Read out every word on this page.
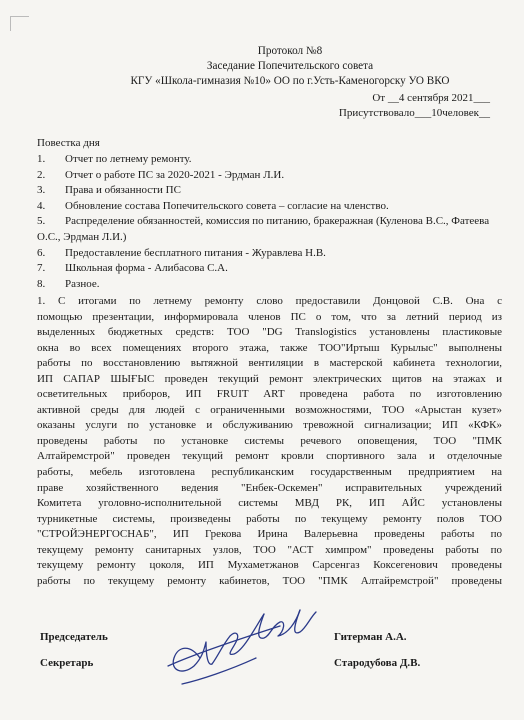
Протокол №8
Заседание Попечительского совета
КГУ «Школа-гимназия №10» ОО по г.Усть-Каменогорску УО ВКО
От __4 сентября 2021___
Присутствовало___10человек__
Повестка дня
1. Отчет по летнему ремонту.
2. Отчет о работе ПС за 2020-2021 - Эрдман Л.И.
3. Права и обязанности ПС
4. Обновление состава Попечительского совета – согласие на членство.
5. Распределение обязанностей, комиссия по питанию, бракеражная (Куленова В.С., Фатеева О.С., Эрдман Л.И.)
6. Предоставление бесплатного питания - Журавлева Н.В.
7. Школьная форма - Алибасова С.А.
8. Разное.
1. С итогами по летнему ремонту слово предоставили Донцовой С.В. Она с
помощью презентации, информировала членов ПС о том, что за летний период из
выделенных бюджетных средств: ТОО "DG Translogistics установлены пластиковые
окна во всех помещениях второго этажа, также ТОО"Иртыш Курылыс" выполнены
работы по восстановлению вытяжной вентиляции в мастерской кабинета технологии,
ИП САПАР ШЫҒЫС проведен текущий ремонт электрических щитов на этажах и
осветительных приборов, ИП FRUIT ART проведена работа по изготовлению
активной среды для людей с ограниченными возможностями, ТОО «Арыстан кузет»
оказаны услуги по установке и обслуживанию тревожной сигнализации; ИП «КФК»
проведены работы по установке системы речевого оповещения, ТОО "ПМК
Алтайремстрой" проведен текущий ремонт кровли спортивного зала и отделочные
работы, мебель изготовлена республиканским государственным предприятием на
праве хозяйственного ведения "Енбек-Оскемен" исправительных учреждений
Комитета уголовно-исполнительной системы МВД РК, ИП АЙС установлены
турникетные системы, произведены работы по текущему ремонту полов ТОО
"СТРОЙЭНЕРГОСНАБ", ИП Грекова Ирина Валерьевна проведены работы по
текущему ремонту санитарных узлов, ТОО "АСТ химпром" проведены работы по
текущему ремонту цоколя, ИП Мухаметжанов Сарсенгаз Коксегенович проведены
работы по текущему ремонту кабинетов, ТОО "ПМК Алтайремстрой" проведены
Председатель	Гитерман А.А.
Секретарь	Стародубова Д.В.
